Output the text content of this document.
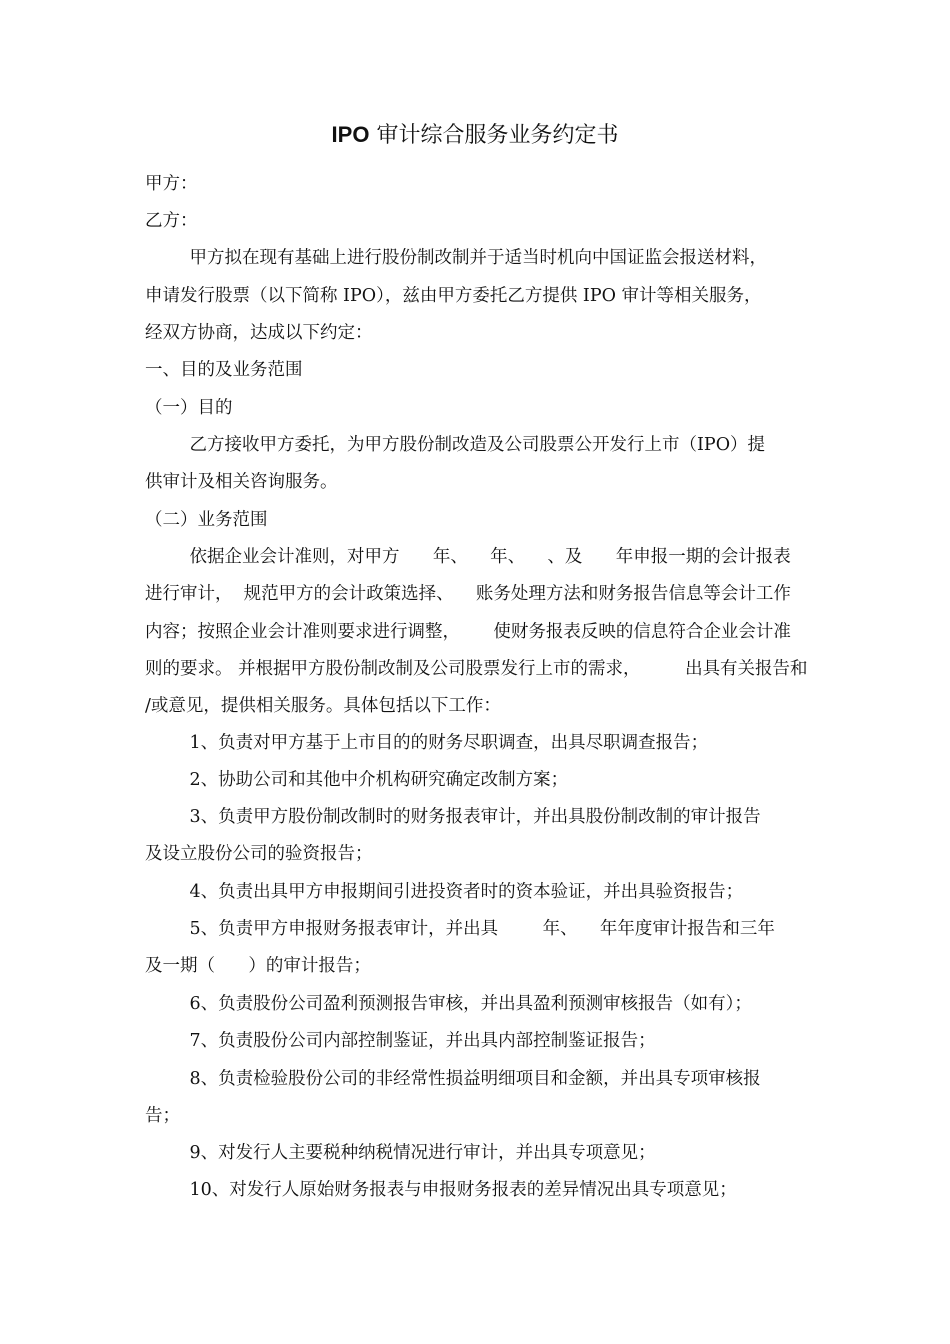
IPO 审计综合服务业务约定书
甲方：
乙方：
甲方拟在现有基础上进行股份制改制并于适当时机向中国证监会报送材料，
申请发行股票（以下简称 IPO），兹由甲方委托乙方提供 IPO 审计等相关服务，
经双方协商，达成以下约定：
一、目的及业务范围
（一）目的
乙方接收甲方委托，为甲方股份制改造及公司股票公开发行上市（IPO）提
供审计及相关咨询服务。
（二）业务范围
依据企业会计准则，对甲方      年、    年、    、及      年申报一期的会计报表
进行审计，  规范甲方的会计政策选择、    账务处理方法和财务报告信息等会计工作
内容；按照企业会计准则要求进行调整，      使财务报表反映的信息符合企业会计准
则的要求。 并根据甲方股份制改制及公司股票发行上市的需求，        出具有关报告和
/或意见，提供相关服务。具体包括以下工作：
1、负责对甲方基于上市目的的财务尽职调查，出具尽职调查报告；
2、协助公司和其他中介机构研究确定改制方案；
3、负责甲方股份制改制时的财务报表审计，并出具股份制改制的审计报告
及设立股份公司的验资报告；
4、负责出具甲方申报期间引进投资者时的资本验证，并出具验资报告；
5、负责甲方申报财务报表审计，并出具        年、    年年度审计报告和三年
及一期（      ）的审计报告；
6、负责股份公司盈利预测报告审核，并出具盈利预测审核报告（如有）；
7、负责股份公司内部控制鉴证，并出具内部控制鉴证报告；
8、负责检验股份公司的非经常性损益明细项目和金额，并出具专项审核报
告；
9、对发行人主要税种纳税情况进行审计，并出具专项意见；
10、对发行人原始财务报表与申报财务报表的差异情况出具专项意见；
